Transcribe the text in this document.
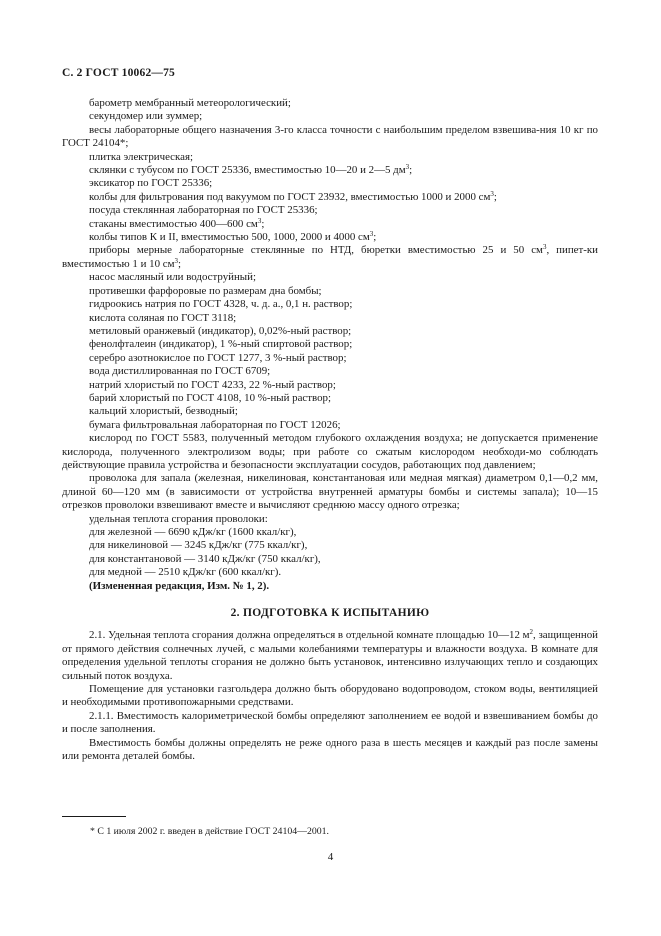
С. 2 ГОСТ 10062—75

барометр мембранный метеорологический;

секундомер или зуммер;

весы лабораторные общего назначения 3-го класса точности с наибольшим пределом взвешива-ния 10 кг по ГОСТ 24104*;

плитка электрическая;

склянки с тубусом по ГОСТ 25336, вместимостью 10—20 и 2—5 $дм^3$;

эксикатор по ГОСТ 25336;

колбы для фильтрования под вакуумом по ГОСТ 23932, вместимостью 1000 и 2000 $см^3$;

посуда стеклянная лабораторная по ГОСТ 25336;

стаканы вместимостью 400—600 $см^3$;

колбы типов К и II, вместимостью 500, 1000, 2000 и 4000 $см^3$;

приборы мерные лабораторные стеклянные по НТД, бюретки вместимостью 25 и 50 $см^3$, пипет-ки вместимостью 1 и 10 $см^3$;

насос масляный или водоструйный;

противешки фарфоровые по размерам дна бомбы;

гидроокись натрия по ГОСТ 4328, ч. д. а., 0,1 н. раствор;

кислота соляная по ГОСТ 3118;

метиловый оранжевый (индикатор), 0,02%-ный раствор;

фенолфталеин (индикатор), 1 %-ный спиртовой раствор;

серебро азотнокислое по ГОСТ 1277, 3 %-ный раствор;

вода дистиллированная по ГОСТ 6709;

натрий хлористый по ГОСТ 4233, 22 %-ный раствор;

барий хлористый по ГОСТ 4108, 10 %-ный раствор;

кальций хлористый, безводный;

бумага фильтровальная лабораторная по ГОСТ 12026;

кислород по ГОСТ 5583, полученный методом глубокого охлаждения воздуха; не допускается применение кислорода, полученного электролизом воды; при работе со сжатым кислородом необходи-мо соблюдать действующие правила устройства и безопасности эксплуатации сосудов, работающих под давлением;

проволока для запала (железная, никелиновая, константановая или медная мягкая) диаметром 0,1—0,2 мм, длиной 60—120 мм (в зависимости от устройства внутренней арматуры бомбы и системы запала); 10—15 отрезков проволоки взвешивают вместе и вычисляют среднюю массу одного отрезка;

удельная теплота сгорания проволоки:

для железной — 6690 кДж/кг (1600 ккал/кг),

для никелиновой — 3245 кДж/кг (775 ккал/кг),

для константановой — 3140 кДж/кг (750 ккал/кг),

для медной — 2510 кДж/кг (600 ккал/кг).

(Измененная редакция, Изм. № 1, 2).

2. ПОДГОТОВКА К ИСПЫТАНИЮ

2.1. Удельная теплота сгорания должна определяться в отдельной комнате площадью 10—12 $м^2$, защищенной от прямого действия солнечных лучей, с малыми колебаниями температуры и влажности воздуха. В комнате для определения удельной теплоты сгорания не должно быть установок, интенсивно излучающих тепло и создающих сильный поток воздуха.

Помещение для установки газгольдера должно быть оборудовано водопроводом, стоком воды, вентиляцией и необходимыми противопожарными средствами.

2.1.1. Вместимость калориметрической бомбы определяют заполнением ее водой и взвешиванием бомбы до и после заполнения.

Вместимость бомбы должны определять не реже одного раза в шесть месяцев и каждый раз после замены или ремонта деталей бомбы.

* С 1 июля 2002 г. введен в действие ГОСТ 24104—2001.
4
